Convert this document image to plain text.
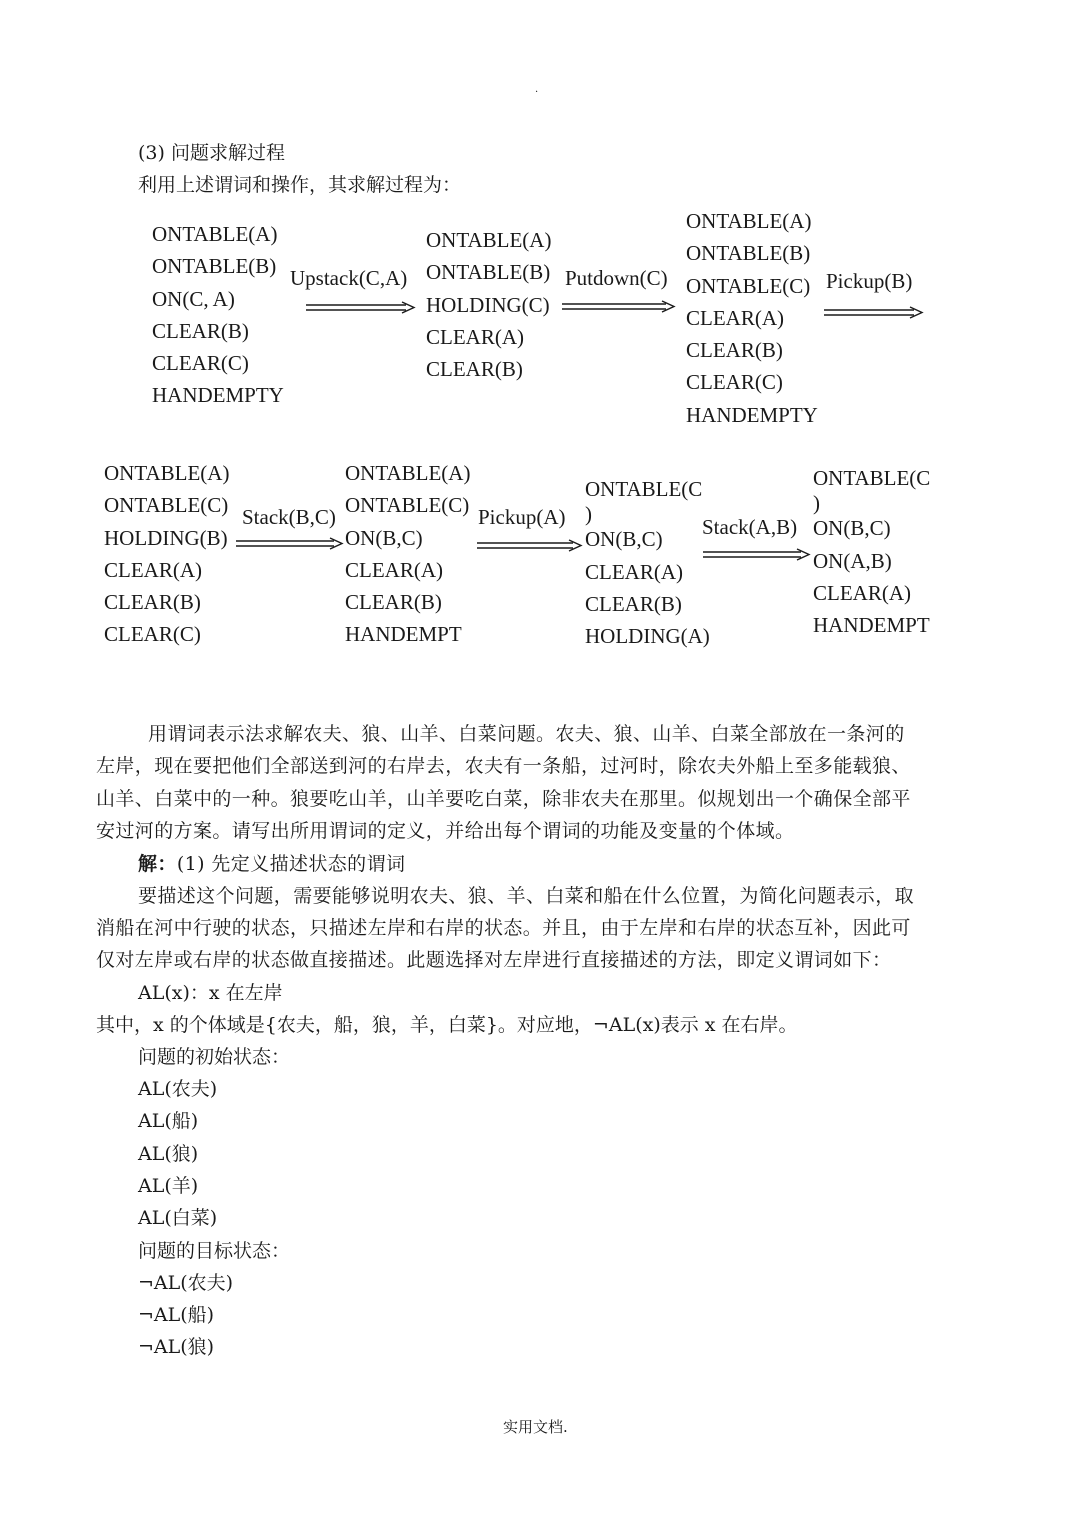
.
(3) 问题求解过程
利用上述谓词和操作，其求解过程为：
ONTABLE(A)
ONTABLE(B)
ON(C, A)
CLEAR(B)
CLEAR(C)
HANDEMPTY
Upstack(C,A)
ONTABLE(A)
ONTABLE(B)
HOLDING(C)
CLEAR(A)
CLEAR(B)
Putdown(C)
ONTABLE(A)
ONTABLE(B)
ONTABLE(C)
CLEAR(A)
CLEAR(B)
CLEAR(C)
HANDEMPTY
Pickup(B)
ONTABLE(A)
ONTABLE(C)
HOLDING(B)
CLEAR(A)
CLEAR(B)
CLEAR(C)
Stack(B,C)
ONTABLE(A)
ONTABLE(C)
ON(B,C)
CLEAR(A)
CLEAR(B)
HANDEMPT
Pickup(A)
ONTABLE(C
)
ON(B,C)
CLEAR(A)
CLEAR(B)
HOLDING(A)
Stack(A,B)
ONTABLE(C
)
ON(B,C)
ON(A,B)
CLEAR(A)
HANDEMPT
用谓词表示法求解农夫、狼、山羊、白菜问题。农夫、狼、山羊、白菜全部放在一条河的
左岸，现在要把他们全部送到河的右岸去，农夫有一条船，过河时，除农夫外船上至多能载狼、
山羊、白菜中的一种。狼要吃山羊，山羊要吃白菜，除非农夫在那里。似规划出一个确保全部平
安过河的方案。请写出所用谓词的定义，并给出每个谓词的功能及变量的个体域。
解：(1) 先定义描述状态的谓词
要描述这个问题，需要能够说明农夫、狼、羊、白菜和船在什么位置，为简化问题表示，取
消船在河中行驶的状态，只描述左岸和右岸的状态。并且，由于左岸和右岸的状态互补，因此可
仅对左岸或右岸的状态做直接描述。此题选择对左岸进行直接描述的方法，即定义谓词如下：
AL(x)：x 在左岸
其中，x 的个体域是{农夫，船，狼，羊，白菜}。对应地，¬AL(x)表示 x 在右岸。
问题的初始状态：
AL(农夫)
AL(船)
AL(狼)
AL(羊)
AL(白菜)
问题的目标状态：
¬AL(农夫)
¬AL(船)
¬AL(狼)
实用文档.
